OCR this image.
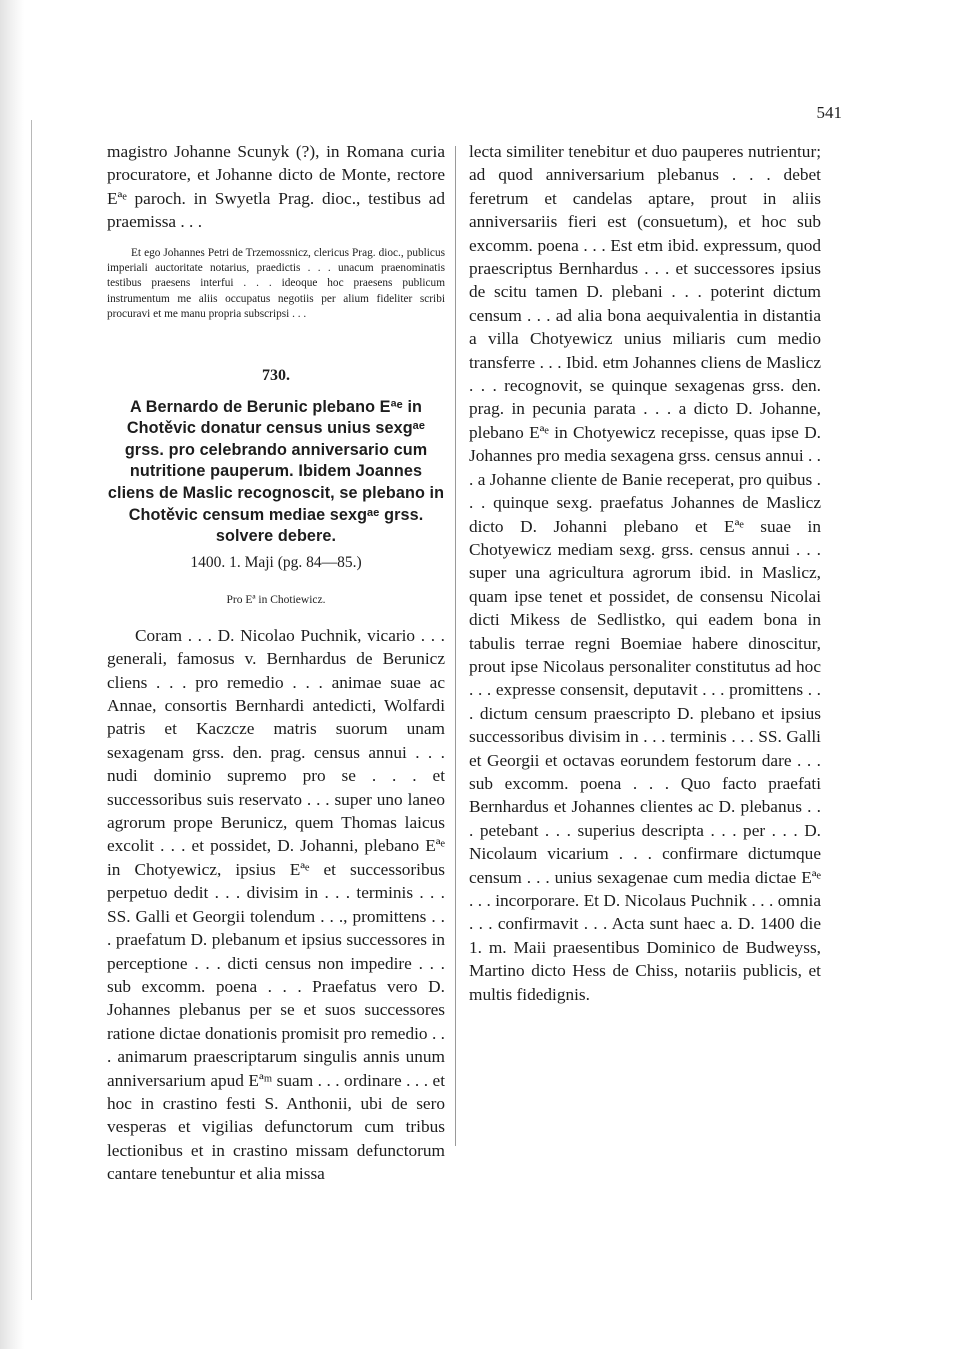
541

magistro Johanne Scunyk (?), in Romana curia procuratore, et Johanne dicto de Monte, rectore Eªᵉ paroch. in Swyetla Prag. dioc., testibus ad praemissa . . .

Et ego Johannes Petri de Trzemossnicz, clericus Prag. dioc., publicus imperiali auctoritate notarius, praedictis . . . unacum praenominatis testibus praesens interfui . . . ideoque hoc praesens publicum instrumentum me aliis occupatus negotiis per alium fideliter scribi procuravi et me manu propria subscripsi . . .

730.

A Bernardo de Berunic plebano Eªᵉ in Chotěvic donatur census unius sexgᵃᵉ grss. pro celebrando anniversario cum nutritione pauperum. Ibidem Joannes cliens de Maslic recognoscit, se plebano in Chotěvic censum mediae sexgᵃᵉ grss. solvere debere.

1400. 1. Maji (pg. 84—85.)

Pro Eª in Chotiewicz.

Coram . . . D. Nicolao Puchnik, vicario . . . generali, famosus v. Bernhardus de Berunicz cliens . . . pro remedio . . . animae suae ac Annae, consortis Bernhardi antedicti, Wolfardi patris et Kaczcze matris suorum unam sexagenam grss. den. prag. census annui . . . nudi dominio supremo pro se . . . et successoribus suis reservato . . . super uno laneo agrorum prope Berunicz, quem Thomas laicus excolit . . . et possidet, D. Johanni, plebano Eªᵉ in Chotyewicz, ipsius Eªᵉ et successoribus perpetuo dedit . . . divisim in . . . terminis . . . SS. Galli et Georgii tolendum . . ., promittens . . . praefatum D. plebanum et ipsius successores in perceptione . . . dicti census non impedire . . . sub excomm. poena . . . Praefatus vero D. Johannes plebanus per se et suos successores ratione dictae donationis promisit pro remedio . . . animarum praescriptarum singulis annis unum anniversarium apud Eªᵐ suam . . . ordinare . . . et hoc in crastino festi S. Anthonii, ubi de sero vesperas et vigilias defunctorum cum tribus lectionibus et in crastino missam defunctorum cantare tenebuntur et alia missa

lecta similiter tenebitur et duo pauperes nutrientur; ad quod anniversarium plebanus . . . debet feretrum et candelas aptare, prout in aliis anniversariis fieri est (consuetum), et hoc sub excomm. poena . . . Est etm ibid. expressum, quod praescriptus Bernhardus . . . et successores ipsius de scitu tamen D. plebani . . . poterint dictum censum . . . ad alia bona aequivalentia in distantia a villa Chotyewicz unius miliaris cum medio transferre . . . Ibid. etm Johannes cliens de Maslicz . . . recognovit, se quinque sexagenas grss. den. prag. in pecunia parata . . . a dicto D. Johanne, plebano Eªᵉ in Chotyewicz recepisse, quas ipse D. Johannes pro media sexagena grss. census annui . . . a Johanne cliente de Banie receperat, pro quibus . . . quinque sexg. praefatus Johannes de Maslicz dicto D. Johanni plebano et Eªᵉ suae in Chotyewicz mediam sexg. grss. census annui . . . super una agricultura agrorum ibid. in Maslicz, quam ipse tenet et possidet, de consensu Nicolai dicti Mikess de Sedlistko, qui eadem bona in tabulis terrae regni Boemiae habere dinoscitur, prout ipse Nicolaus personaliter constitutus ad hoc . . . expresse consensit, deputavit . . . promittens . . . dictum censum praescripto D. plebano et ipsius successoribus divisim in . . . terminis . . . SS. Galli et Georgii et octavas eorundem festorum dare . . . sub excomm. poena . . . Quo facto praefati Bernhardus et Johannes clientes ac D. plebanus . . . petebant . . . superius descripta . . . per . . . D. Nicolaum vicarium . . . confirmare dictumque censum . . . unius sexagenae cum media dictae Eªᵉ . . . incorporare. Et D. Nicolaus Puchnik . . . omnia . . . confirmavit . . . Acta sunt haec a. D. 1400 die 1. m. Maii praesentibus Dominico de Budweyss, Martino dicto Hess de Chiss, notariis publicis, et multis fidedignis.
